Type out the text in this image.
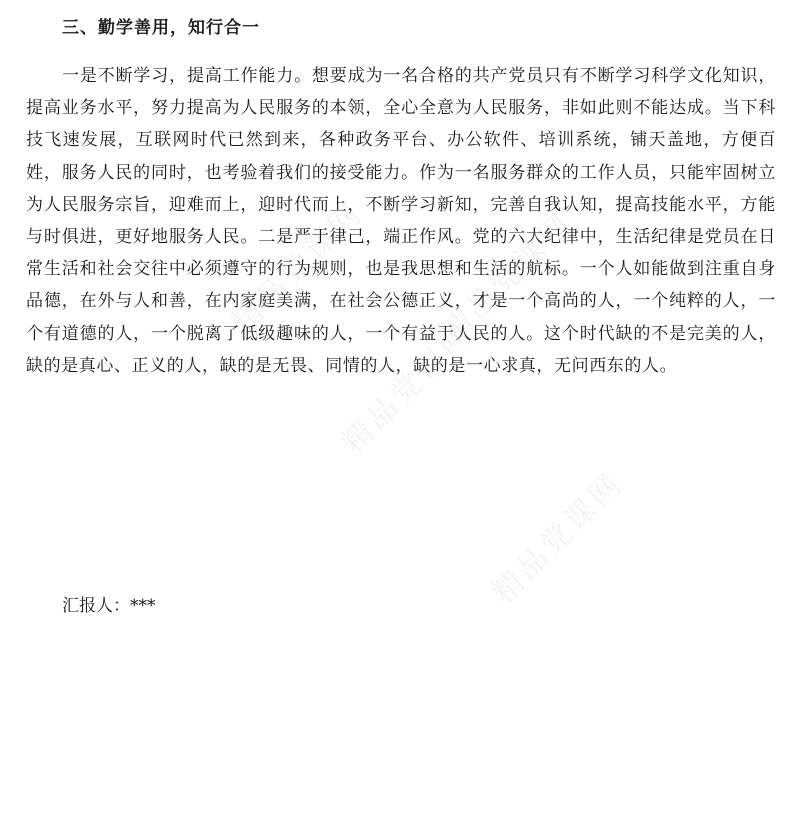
精品党课网
精品党课网
精品党课网
精品党课网
三、勤学善用，知行合一

一是不断学习，提高工作能力。想要成为一名合格的共产党员只有不断学习科学文化知识，提高业务水平，努力提高为人民服务的本领，全心全意为人民服务，非如此则不能达成。当下科技飞速发展，互联网时代已然到来，各种政务平台、办公软件、培训系统，铺天盖地，方便百姓，服务人民的同时，也考验着我们的接受能力。作为一名服务群众的工作人员，只能牢固树立为人民服务宗旨，迎难而上，迎时代而上，不断学习新知，完善自我认知，提高技能水平，方能与时俱进，更好地服务人民。二是严于律己，端正作风。党的六大纪律中，生活纪律是党员在日常生活和社会交往中必须遵守的行为规则，也是我思想和生活的航标。一个人如能做到注重自身品德，在外与人和善，在内家庭美满，在社会公德正义，才是一个高尚的人，一个纯粹的人，一个有道德的人，一个脱离了低级趣味的人，一个有益于人民的人。这个时代缺的不是完美的人，缺的是真心、正义的人，缺的是无畏、同情的人，缺的是一心求真，无问西东的人。

汇报人：***
